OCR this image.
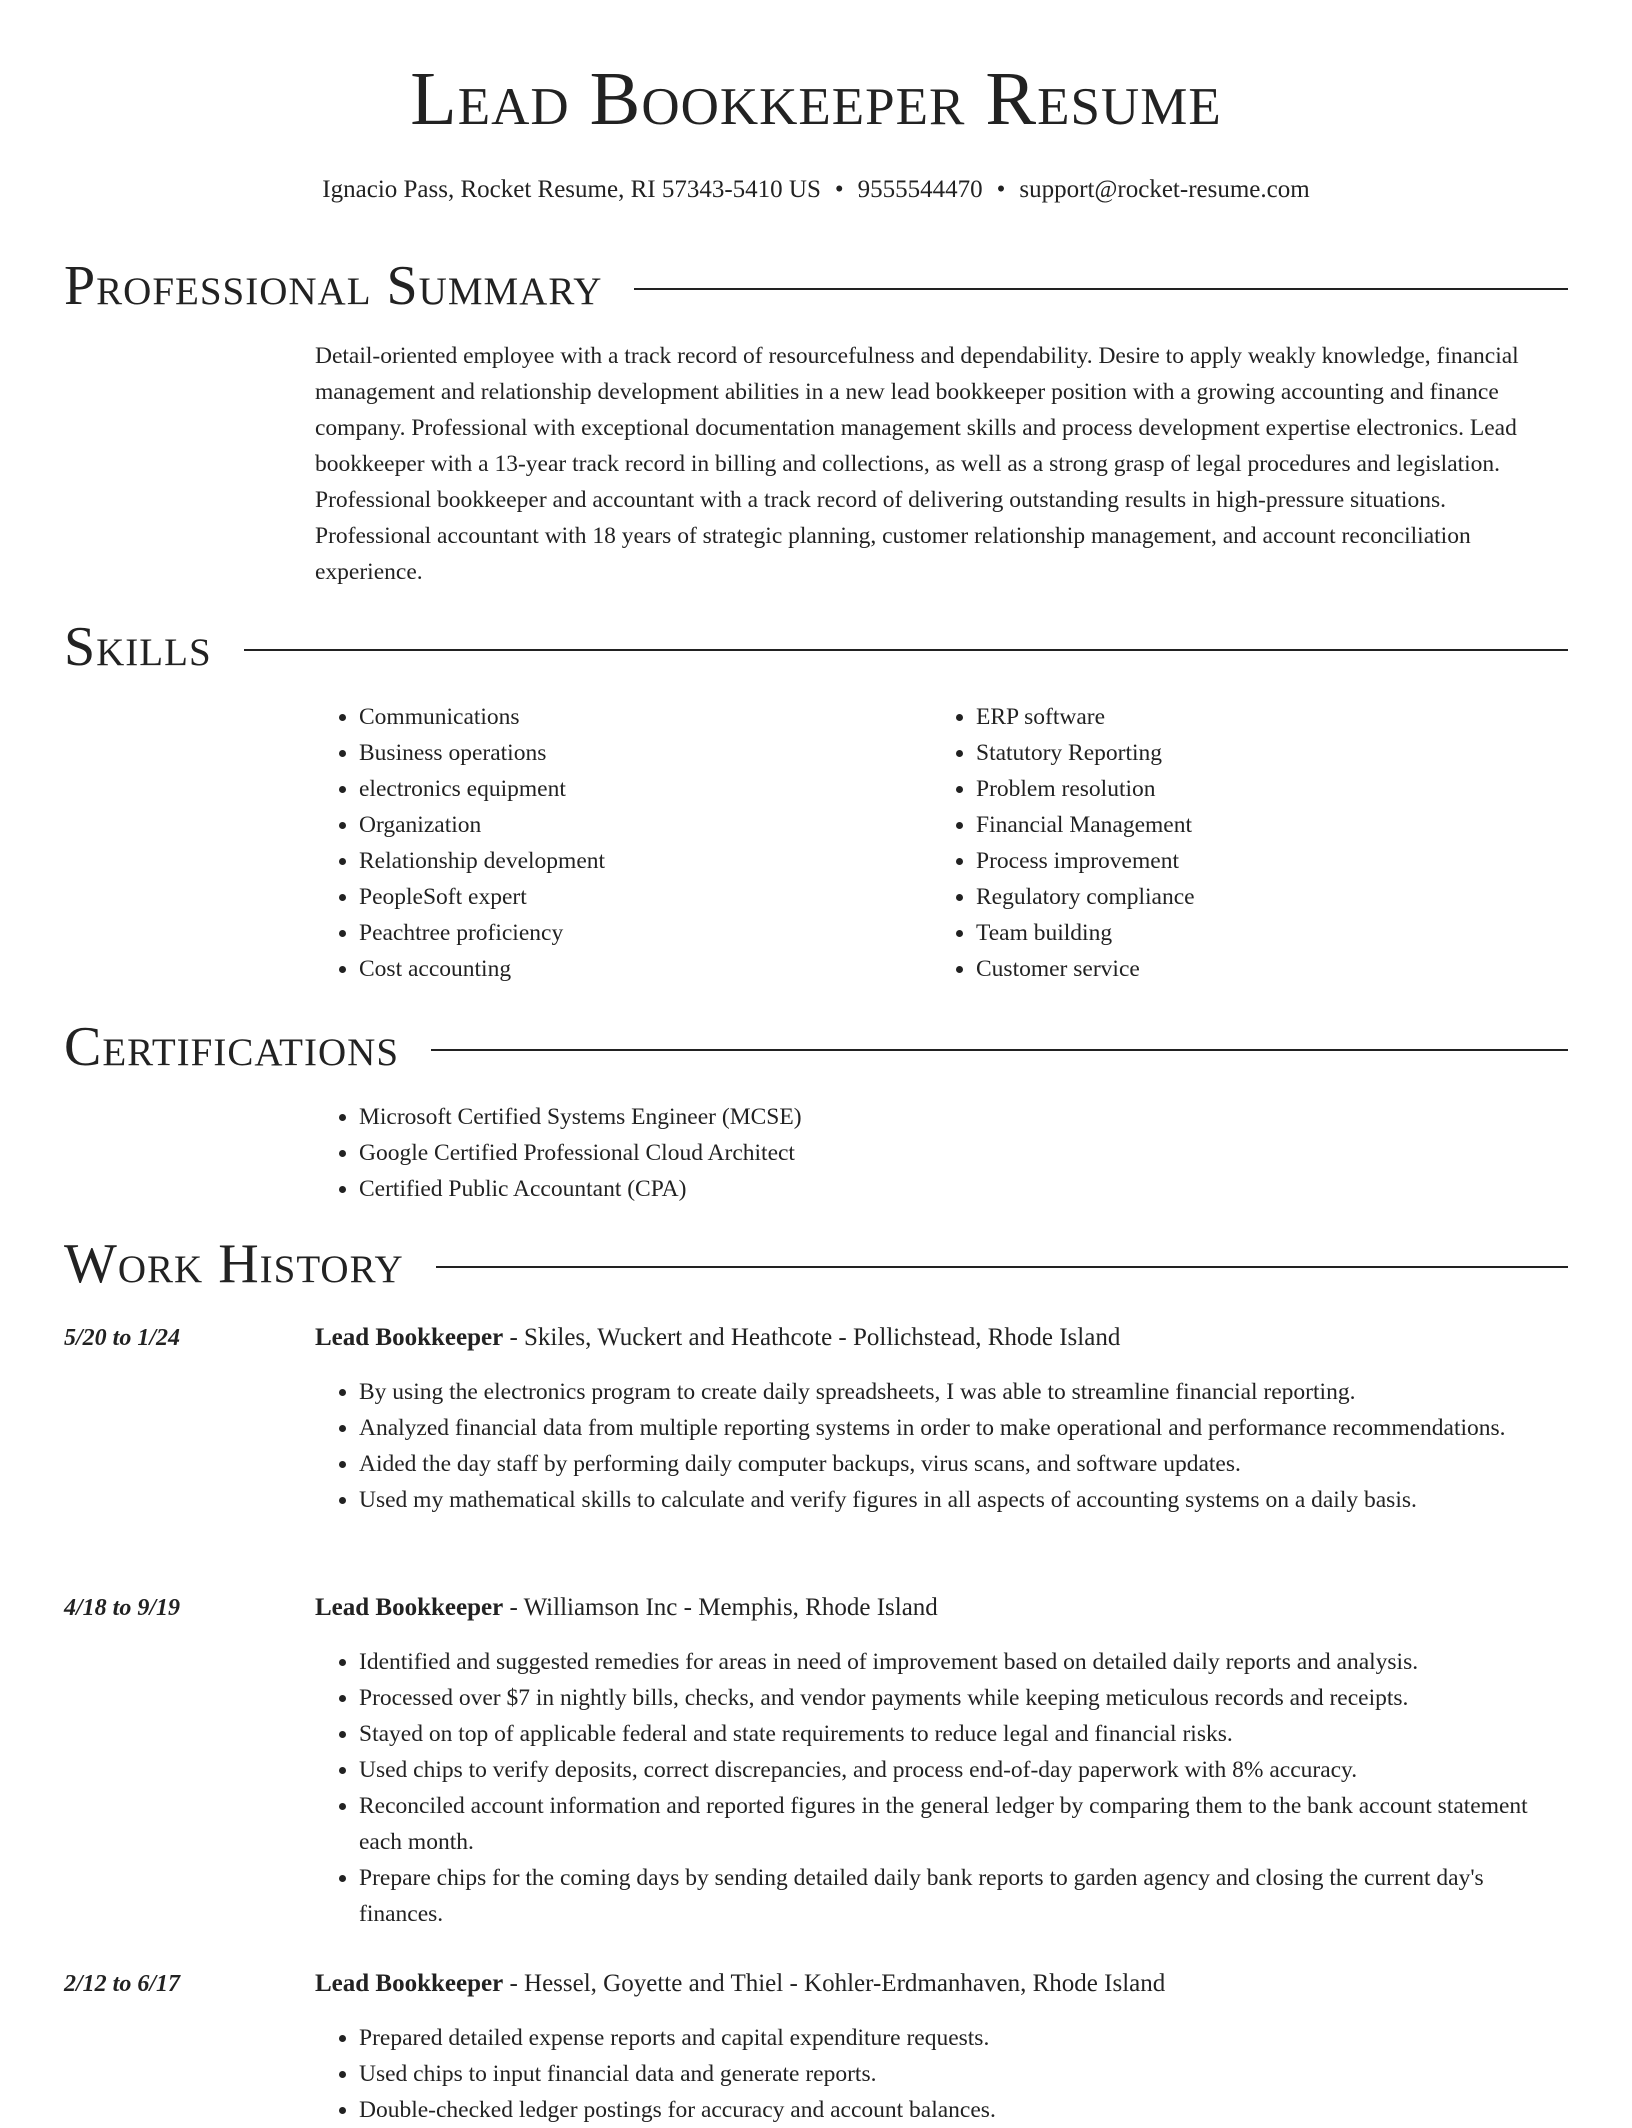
Lead Bookkeeper Resume
Ignacio Pass, Rocket Resume, RI 57343-5410 US • 9555544470 • support@rocket-resume.com
Professional Summary

Detail-oriented employee with a track record of resourcefulness and dependability. Desire to apply weakly knowledge, financial management and relationship development abilities in a new lead bookkeeper position with a growing accounting and finance company. Professional with exceptional documentation management skills and process development expertise electronics. Lead bookkeeper with a 13-year track record in billing and collections, as well as a strong grasp of legal procedures and legislation. Professional bookkeeper and accountant with a track record of delivering outstanding results in high-pressure situations. Professional accountant with 18 years of strategic planning, customer relationship management, and account reconciliation experience.

Skills
• Communications
• Business operations
• electronics equipment
• Organization
• Relationship development
• PeopleSoft expert
• Peachtree proficiency
• Cost accounting
• ERP software
• Statutory Reporting
• Problem resolution
• Financial Management
• Process improvement
• Regulatory compliance
• Team building
• Customer service
Certifications
• Microsoft Certified Systems Engineer (MCSE)
• Google Certified Professional Cloud Architect
• Certified Public Accountant (CPA)
Work History
5/20 to 1/24	Lead Bookkeeper - Skiles, Wuckert and Heathcote - Pollichstead, Rhode Island
• By using the electronics program to create daily spreadsheets, I was able to streamline financial reporting.
• Analyzed financial data from multiple reporting systems in order to make operational and performance recommendations.
• Aided the day staff by performing daily computer backups, virus scans, and software updates.
• Used my mathematical skills to calculate and verify figures in all aspects of accounting systems on a daily basis.
4/18 to 9/19	Lead Bookkeeper - Williamson Inc - Memphis, Rhode Island
• Identified and suggested remedies for areas in need of improvement based on detailed daily reports and analysis.
• Processed over $7 in nightly bills, checks, and vendor payments while keeping meticulous records and receipts.
• Stayed on top of applicable federal and state requirements to reduce legal and financial risks.
• Used chips to verify deposits, correct discrepancies, and process end-of-day paperwork with 8% accuracy.
• Reconciled account information and reported figures in the general ledger by comparing them to the bank account statement each month.
• Prepare chips for the coming days by sending detailed daily bank reports to garden agency and closing the current day's finances.
2/12 to 6/17	Lead Bookkeeper - Hessel, Goyette and Thiel - Kohler-Erdmanhaven, Rhode Island
• Prepared detailed expense reports and capital expenditure requests.
• Used chips to input financial data and generate reports.
• Double-checked ledger postings for accuracy and account balances.
